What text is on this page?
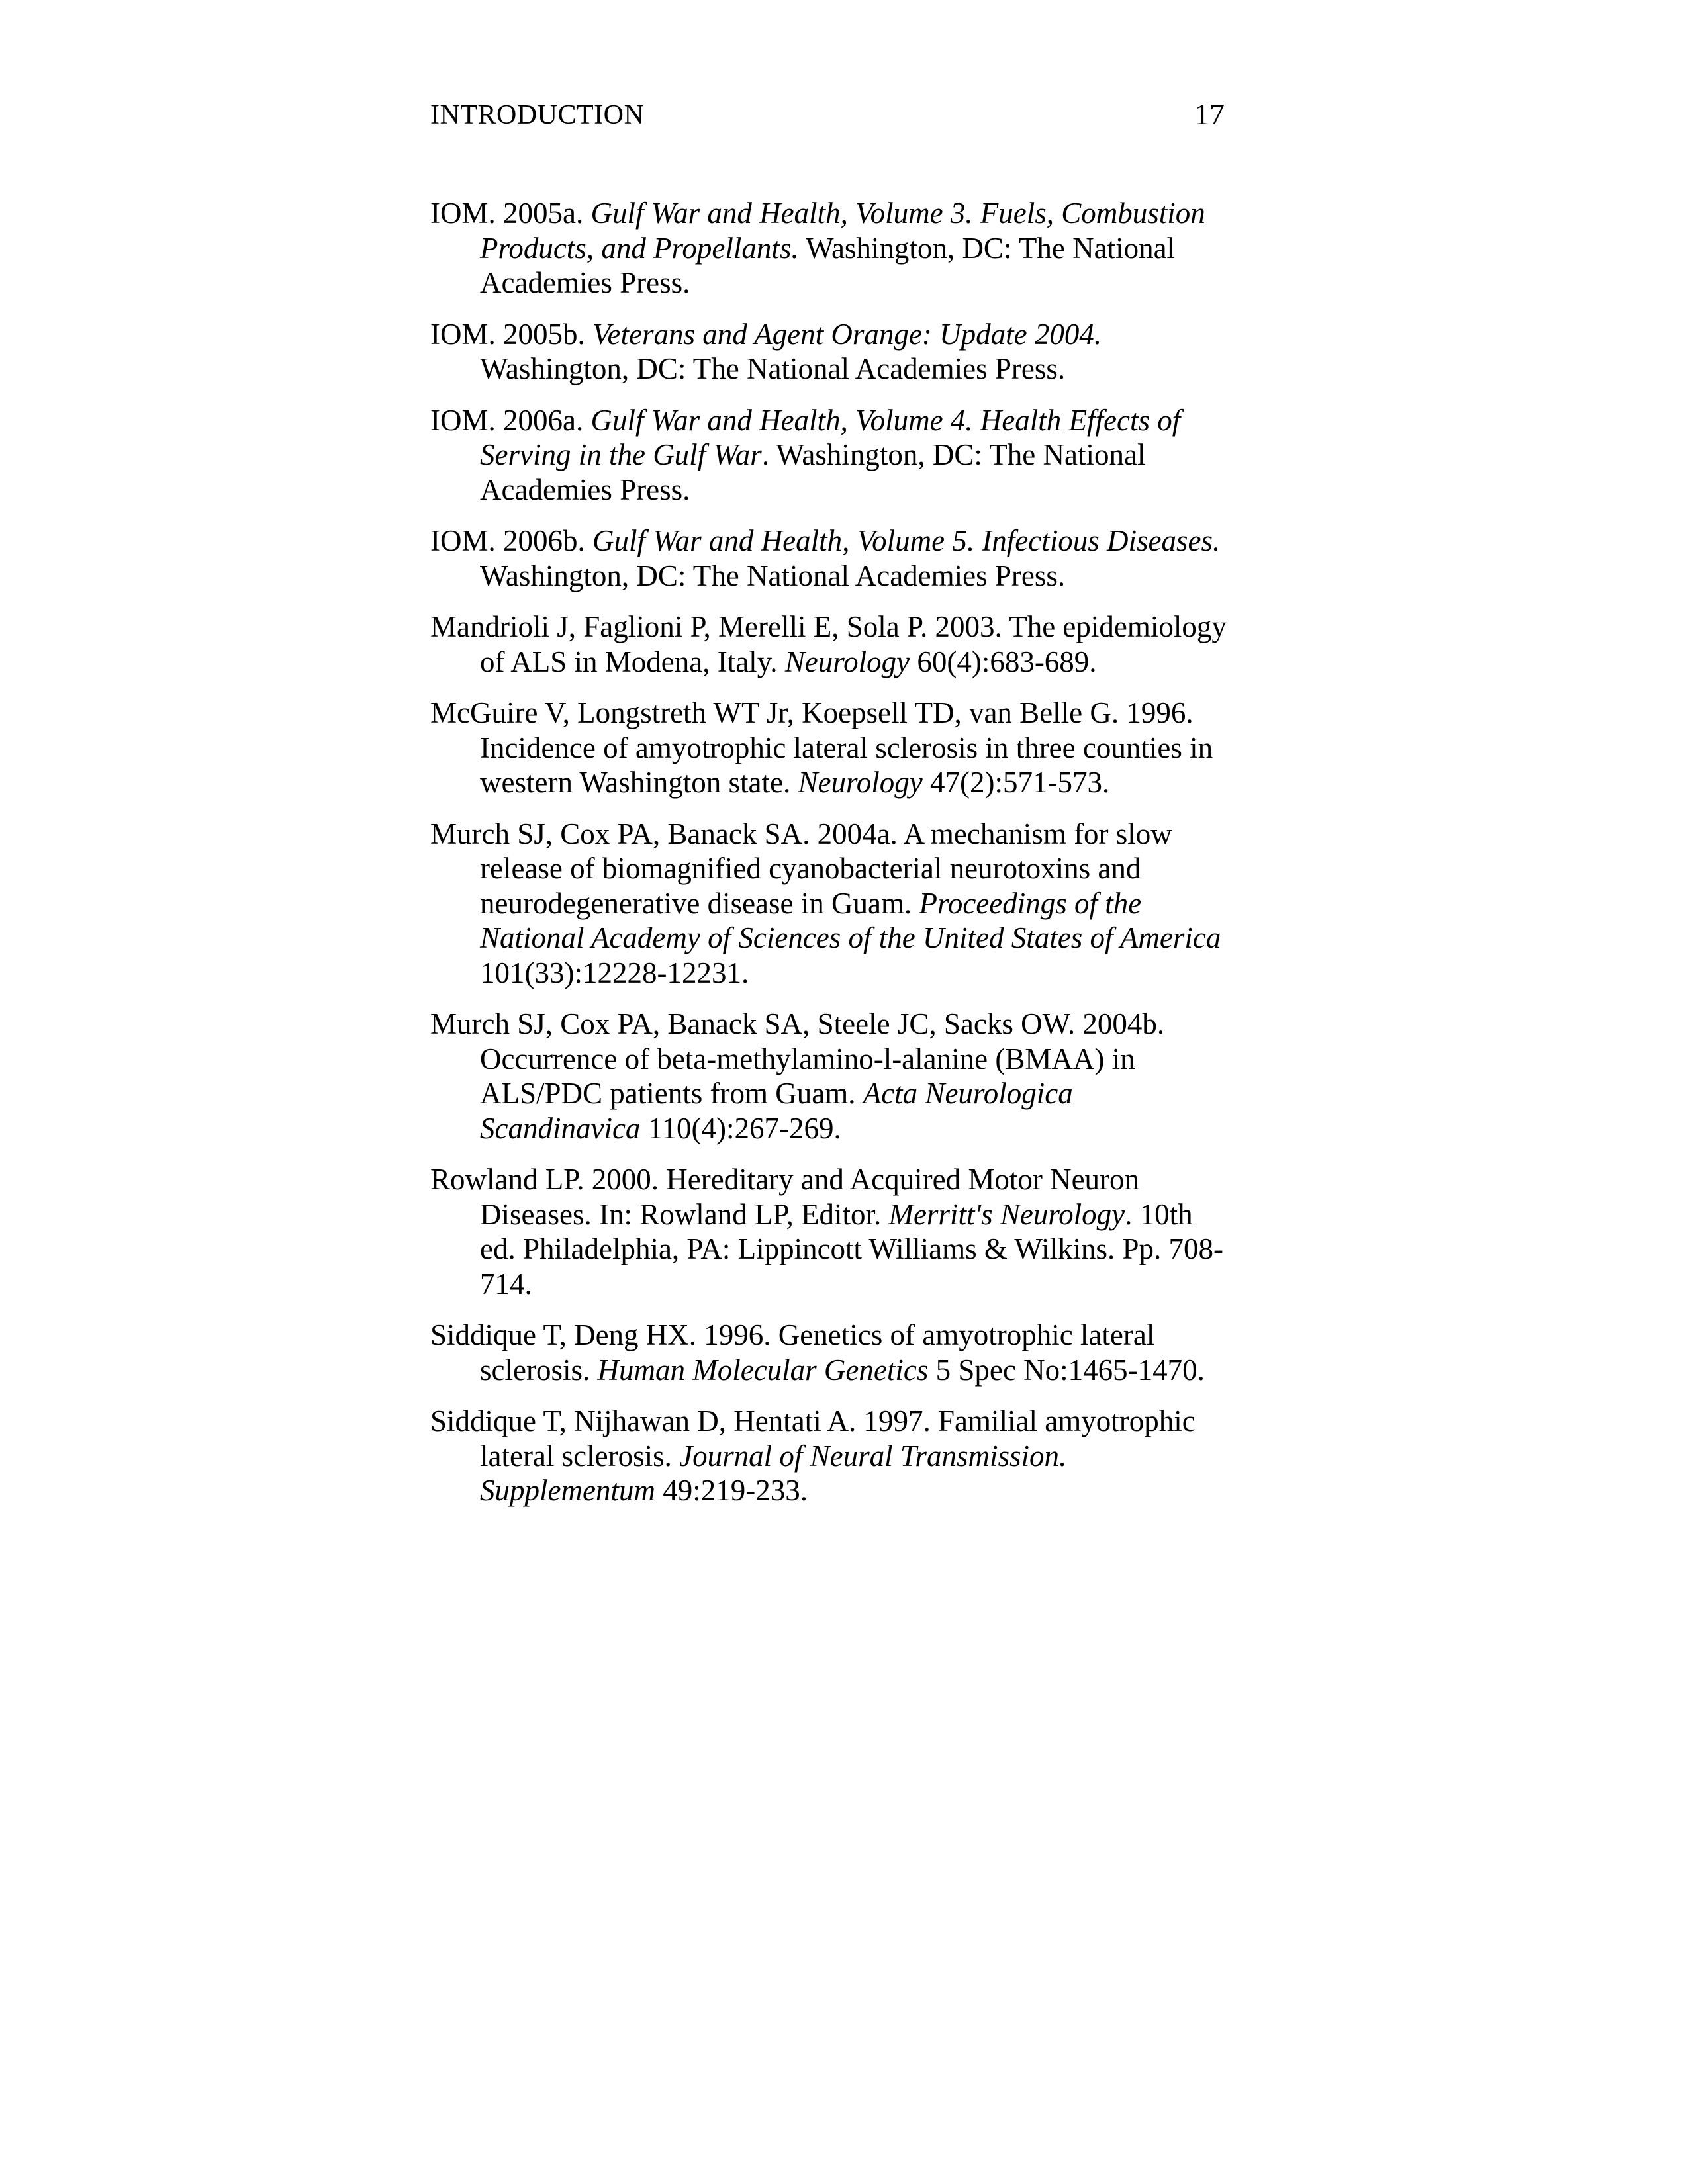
INTRODUCTION	17

IOM. 2005a. Gulf War and Health, Volume 3. Fuels, Combustion
Products, and Propellants. Washington, DC: The National
Academies Press.

IOM. 2005b. Veterans and Agent Orange: Update 2004.
Washington, DC: The National Academies Press.

IOM. 2006a. Gulf War and Health, Volume 4. Health Effects of
Serving in the Gulf War. Washington, DC: The National
Academies Press.

IOM. 2006b. Gulf War and Health, Volume 5. Infectious Diseases.
Washington, DC: The National Academies Press.

Mandrioli J, Faglioni P, Merelli E, Sola P. 2003. The epidemiology
of ALS in Modena, Italy. Neurology 60(4):683-689.

McGuire V, Longstreth WT Jr, Koepsell TD, van Belle G. 1996.
Incidence of amyotrophic lateral sclerosis in three counties in
western Washington state. Neurology 47(2):571-573.

Murch SJ, Cox PA, Banack SA. 2004a. A mechanism for slow
release of biomagnified cyanobacterial neurotoxins and
neurodegenerative disease in Guam. Proceedings of the
National Academy of Sciences of the United States of America
101(33):12228-12231.

Murch SJ, Cox PA, Banack SA, Steele JC, Sacks OW. 2004b.
Occurrence of beta-methylamino-l-alanine (BMAA) in
ALS/PDC patients from Guam. Acta Neurologica
Scandinavica 110(4):267-269.

Rowland LP. 2000. Hereditary and Acquired Motor Neuron
Diseases. In: Rowland LP, Editor. Merritt's Neurology. 10th
ed. Philadelphia, PA: Lippincott Williams & Wilkins. Pp. 708-
714.

Siddique T, Deng HX. 1996. Genetics of amyotrophic lateral
sclerosis. Human Molecular Genetics 5 Spec No:1465-1470.

Siddique T, Nijhawan D, Hentati A. 1997. Familial amyotrophic
lateral sclerosis. Journal of Neural Transmission.
Supplementum 49:219-233.
